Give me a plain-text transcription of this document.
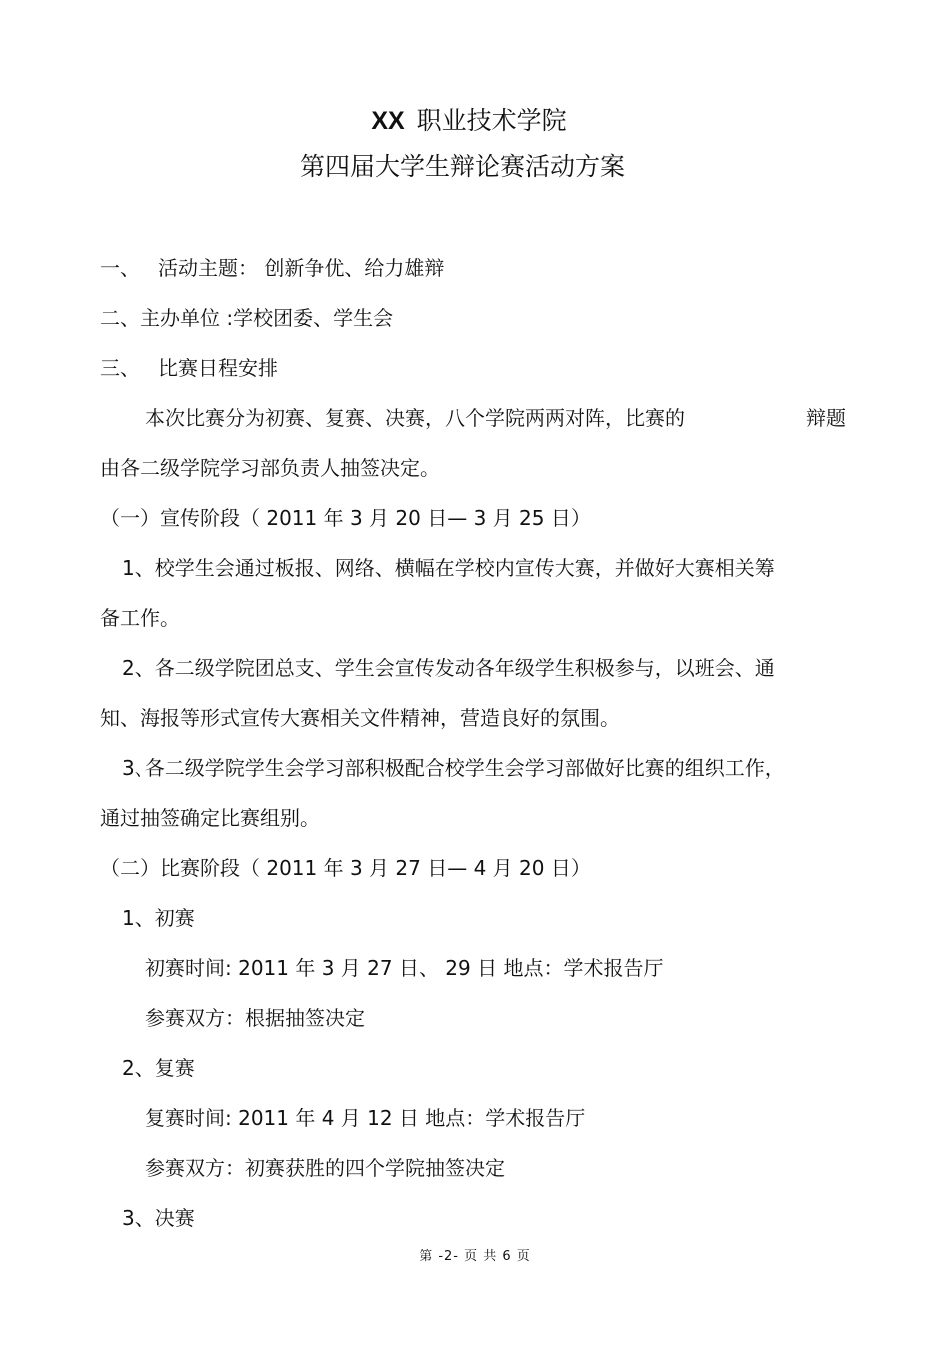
XX 职业技术学院
第四届大学生辩论赛活动方案
一、 活动主题： 创新争优、给力雄辩
二、主办单位 :学校团委、学生会
三、 比赛日程安排
本次比赛分为初赛、复赛、决赛，八个学院两两对阵，比赛的	辩题
由各二级学院学习部负责人抽签决定。
（一）宣传阶段（ 2011 年 3 月 20 日— 3 月 25 日）
1、校学生会通过板报、网络、横幅在学校内宣传大赛，并做好大赛相关筹
备工作。
2、各二级学院团总支、学生会宣传发动各年级学生积极参与，以班会、通
知、海报等形式宣传大赛相关文件精神，营造良好的氛围。
3､各二级学院学生会学习部积极配合校学生会学习部做好比赛的组织工作，
通过抽签确定比赛组别。
（二）比赛阶段（ 2011 年 3 月 27 日— 4 月 20 日）
1、初赛
初赛时间: 2011 年 3 月 27 日、 29 日 地点：学术报告厅
参赛双方：根据抽签决定
2、复赛
复赛时间: 2011 年 4 月 12 日 地点：学术报告厅
参赛双方：初赛获胜的四个学院抽签决定
3、决赛
第 -2- 页 共 6 页
